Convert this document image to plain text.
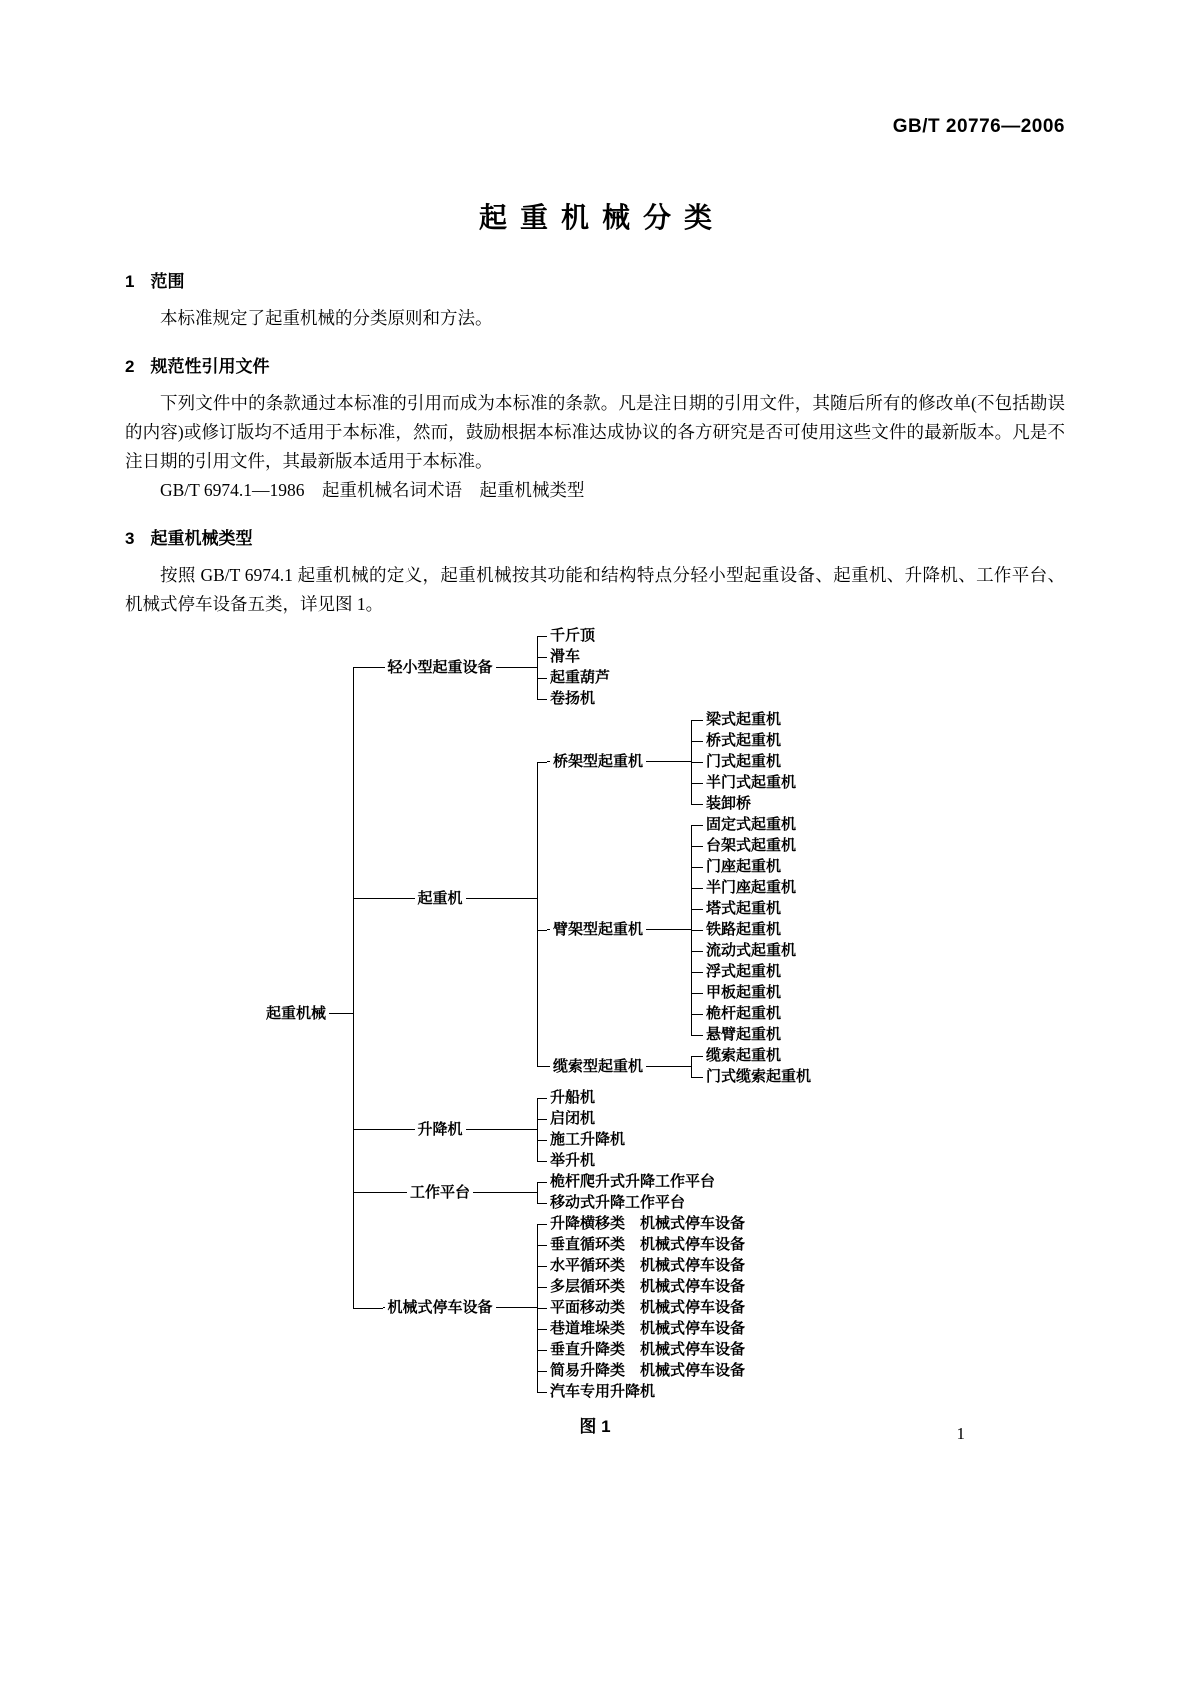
GB/T 20776—2006
起重机械分类
1 范围

本标准规定了起重机械的分类原则和方法。

2 规范性引用文件

下列文件中的条款通过本标准的引用而成为本标准的条款。凡是注日期的引用文件，其随后所有的修改单(不包括勘误的内容)或修订版均不适用于本标准，然而，鼓励根据本标准达成协议的各方研究是否可使用这些文件的最新版本。凡是不注日期的引用文件，其最新版本适用于本标准。

GB/T 6974.1—1986　起重机械名词术语　起重机械类型

3 起重机械类型

按照 GB/T 6974.1 起重机械的定义，起重机械按其功能和结构特点分轻小型起重设备、起重机、升降机、工作平台、机械式停车设备五类，详见图 1。

起重机械
轻小型起重设备
千斤顶
滑车
起重葫芦
卷扬机
起重机
桥架型起重机
梁式起重机
桥式起重机
门式起重机
半门式起重机
装卸桥
臂架型起重机
固定式起重机
台架式起重机
门座起重机
半门座起重机
塔式起重机
铁路起重机
流动式起重机
浮式起重机
甲板起重机
桅杆起重机
悬臂起重机
缆索型起重机
缆索起重机
门式缆索起重机
升降机
升船机
启闭机
施工升降机
举升机
工作平台
桅杆爬升式升降工作平台
移动式升降工作平台
机械式停车设备
升降横移类　机械式停车设备
垂直循环类　机械式停车设备
水平循环类　机械式停车设备
多层循环类　机械式停车设备
平面移动类　机械式停车设备
巷道堆垛类　机械式停车设备
垂直升降类　机械式停车设备
简易升降类　机械式停车设备
汽车专用升降机
图 1	1
